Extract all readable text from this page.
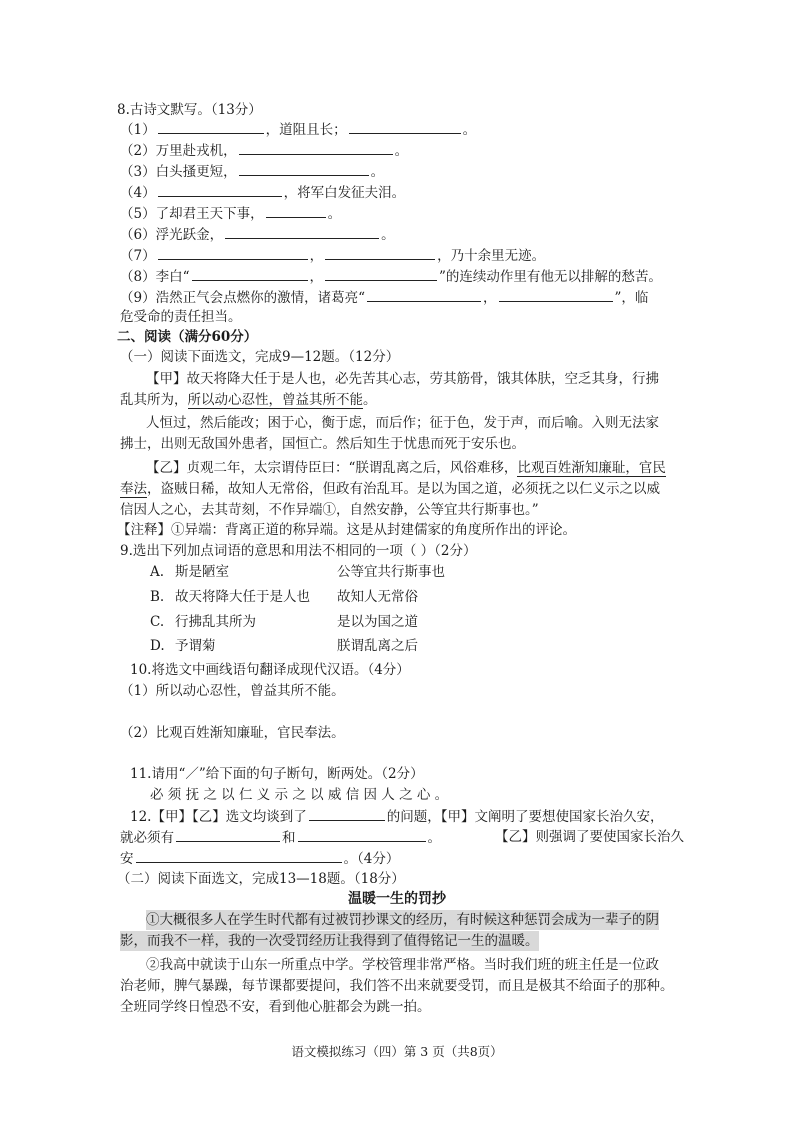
8.古诗文默写。（13分）
（1）	，道阻且长；	。
（2）万里赴戎机，	。
（3）白头搔更短，	。
（4）	，将军白发征夫泪。
（5）了却君王天下事，	。
（6）浮光跃金，	。
（7）	，	，乃十余里无迹。
（8）李白“	，	”的连续动作里有他无以排解的愁苦。
（9）浩然正气会点燃你的激情，诸葛亮“	，	”，临
危受命的责任担当。
二、阅读（满分60分）
（一）阅读下面选文，完成9—12题。（12分）
【甲】故天将降大任于是人也，必先苦其心志，劳其筋骨，饿其体肤，空乏其身，行拂
乱其所为，所以动心忍性，曾益其所不能。
人恒过，然后能改；困于心，衡于虑，而后作；征于色，发于声，而后喻。入则无法家
拂士，出则无敌国外患者，国恒亡。然后知生于忧患而死于安乐也。
【乙】贞观二年，太宗谓侍臣曰：“朕谓乱离之后，风俗难移，比观百姓渐知廉耻，官民
奉法，盗贼日稀，故知人无常俗，但政有治乱耳。是以为国之道，必须抚之以仁义示之以威
信因人之心，去其苛刻，不作异端①，自然安静，公等宜共行斯事也。”
【注释】①异端：背离正道的称异端。这是从封建儒家的角度所作出的评论。
9.选出下列加点词语的意思和用法不相同的一项（ ）（2分）
A. 斯是陋室	公等宜共行斯事也
B. 故天将降大任于是人也 故知人无常俗
C. 行拂乱其所为	是以为国之道
D. 予谓菊	朕谓乱离之后
10.将选文中画线语句翻译成现代汉语。（4分）
（1）所以动心忍性，曾益其所不能。
（2）比观百姓渐知廉耻，官民奉法。
11.请用“／”给下面的句子断句，断两处。（2分）
必 须 抚 之 以 仁 义 示 之 以 威 信 因 人 之 心 。
12.【甲】【乙】选文均谈到了	的问题，【甲】文阐明了要想使国家长治久安，
就必须有	和	。	【乙】则强调了要使国家长治久
安	。（4分）
（二）阅读下面选文，完成13—18题。（18分）
温暖一生的罚抄
①大概很多人在学生时代都有过被罚抄课文的经历，有时候这种惩罚会成为一辈子的阴
影，而我不一样，我的一次受罚经历让我得到了值得铭记一生的温暖。
②我高中就读于山东一所重点中学。学校管理非常严格。当时我们班的班主任是一位政
治老师，脾气暴躁，每节课都要提问，我们答不出来就要受罚，而且是极其不给面子的那种。
全班同学终日惶恐不安，看到他心脏都会为跳一拍。
语文模拟练习（四）第 3 页（共8页）
